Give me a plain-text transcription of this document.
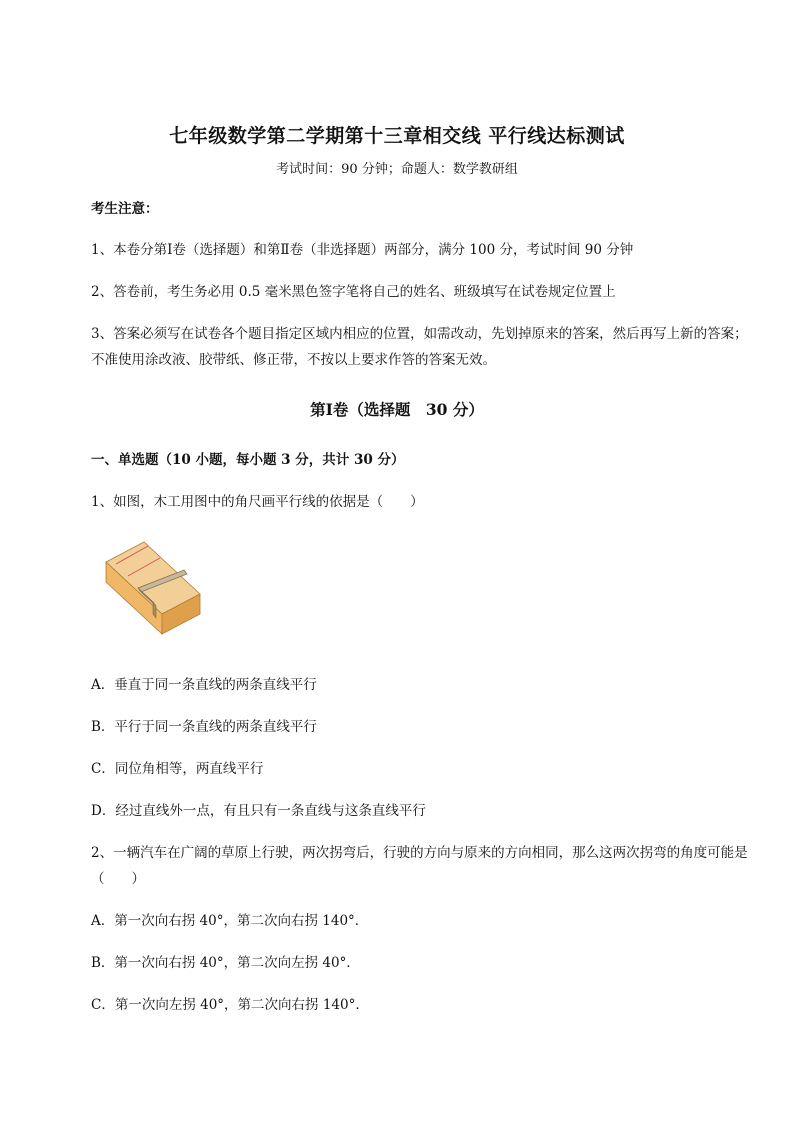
七年级数学第二学期第十三章相交线 平行线达标测试
考试时间：90 分钟；命题人：数学教研组
考生注意：
1、本卷分第Ⅰ卷（选择题）和第Ⅱ卷（非选择题）两部分，满分 100 分，考试时间 90 分钟
2、答卷前，考生务必用 0.5 毫米黑色签字笔将自己的姓名、班级填写在试卷规定位置上
3、答案必须写在试卷各个题目指定区域内相应的位置，如需改动，先划掉原来的答案，然后再写上新的答案；不准使用涂改液、胶带纸、修正带，不按以上要求作答的答案无效。
第Ⅰ卷（选择题　30 分）
一、单选题（10 小题，每小题 3 分，共计 30 分）
1、如图，木工用图中的角尺画平行线的依据是（　　）
A．垂直于同一条直线的两条直线平行
B．平行于同一条直线的两条直线平行
C．同位角相等，两直线平行
D．经过直线外一点，有且只有一条直线与这条直线平行
2、一辆汽车在广阔的草原上行驶，两次拐弯后，行驶的方向与原来的方向相同，那么这两次拐弯的角度可能是（　　）
A．第一次向右拐 40°，第二次向右拐 140°．
B．第一次向右拐 40°，第二次向左拐 40°．
C．第一次向左拐 40°，第二次向右拐 140°．
